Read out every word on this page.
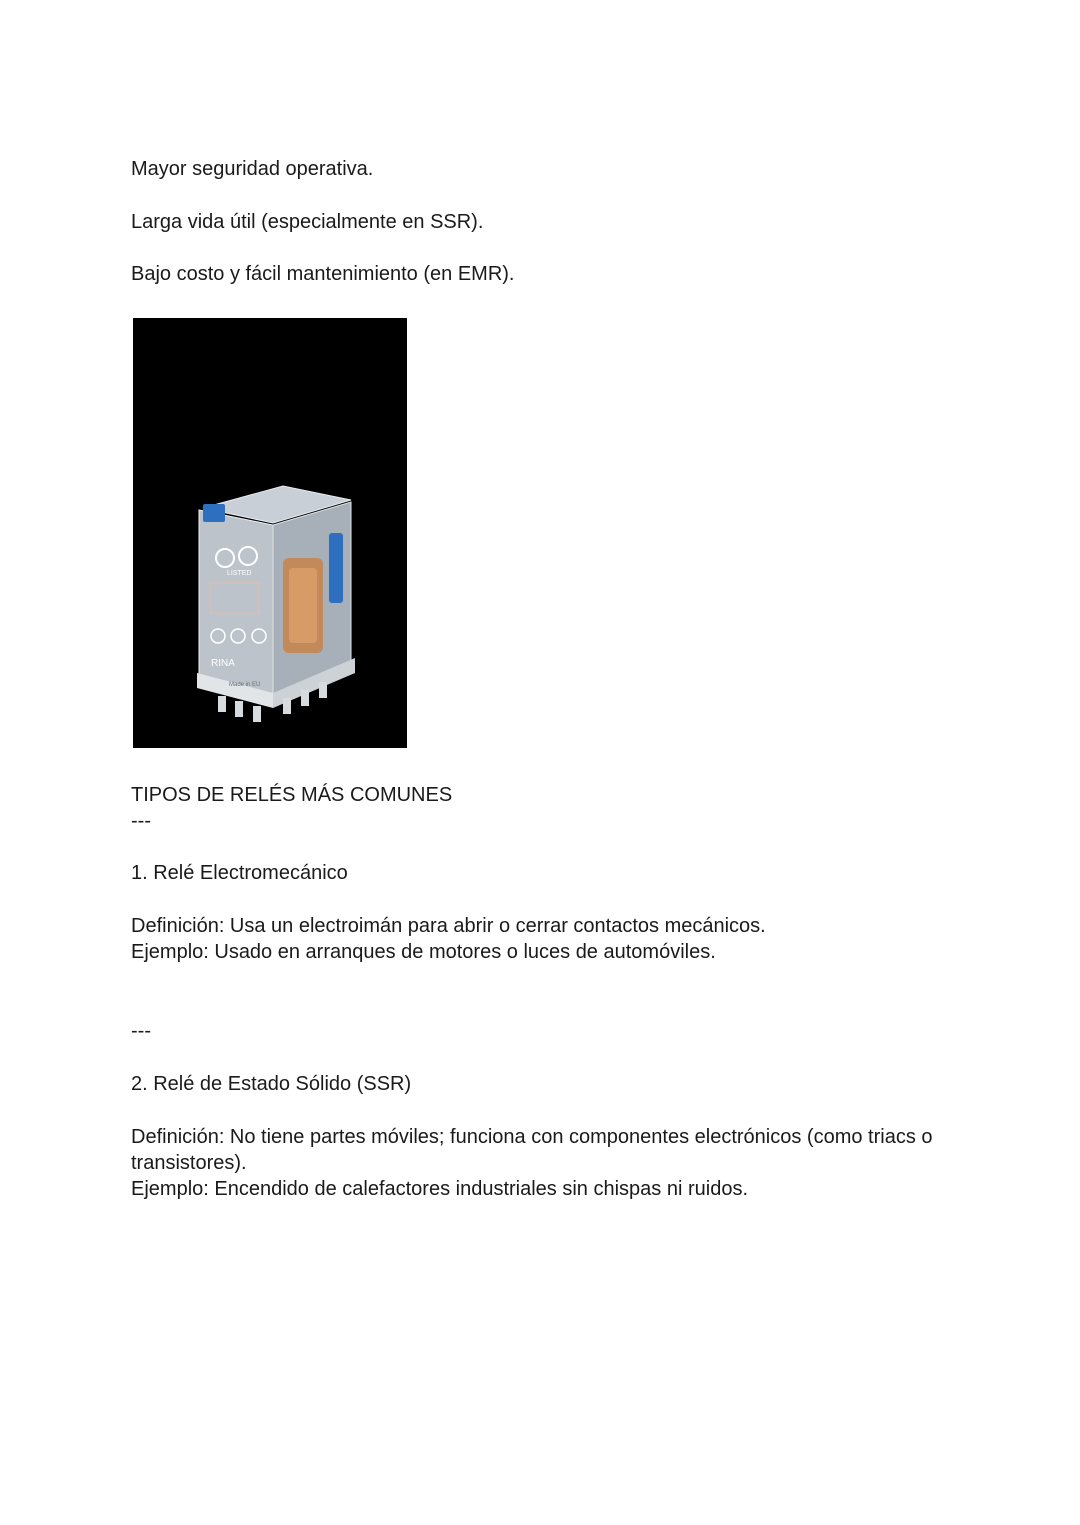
Mayor seguridad operativa.

Larga vida útil (especialmente en SSR).

Bajo costo y fácil mantenimiento (en EMR).

LISTED
RINA
Made in EU

TIPOS DE RELÉS MÁS COMUNES

---

1. Relé Electromecánico

Definición: Usa un electroimán para abrir o cerrar contactos mecánicos.

Ejemplo: Usado en arranques de motores o luces de automóviles.

---

2. Relé de Estado Sólido (SSR)

Definición: No tiene partes móviles; funciona con componentes electrónicos (como triacs o transistores).

Ejemplo: Encendido de calefactores industriales sin chispas ni ruidos.
